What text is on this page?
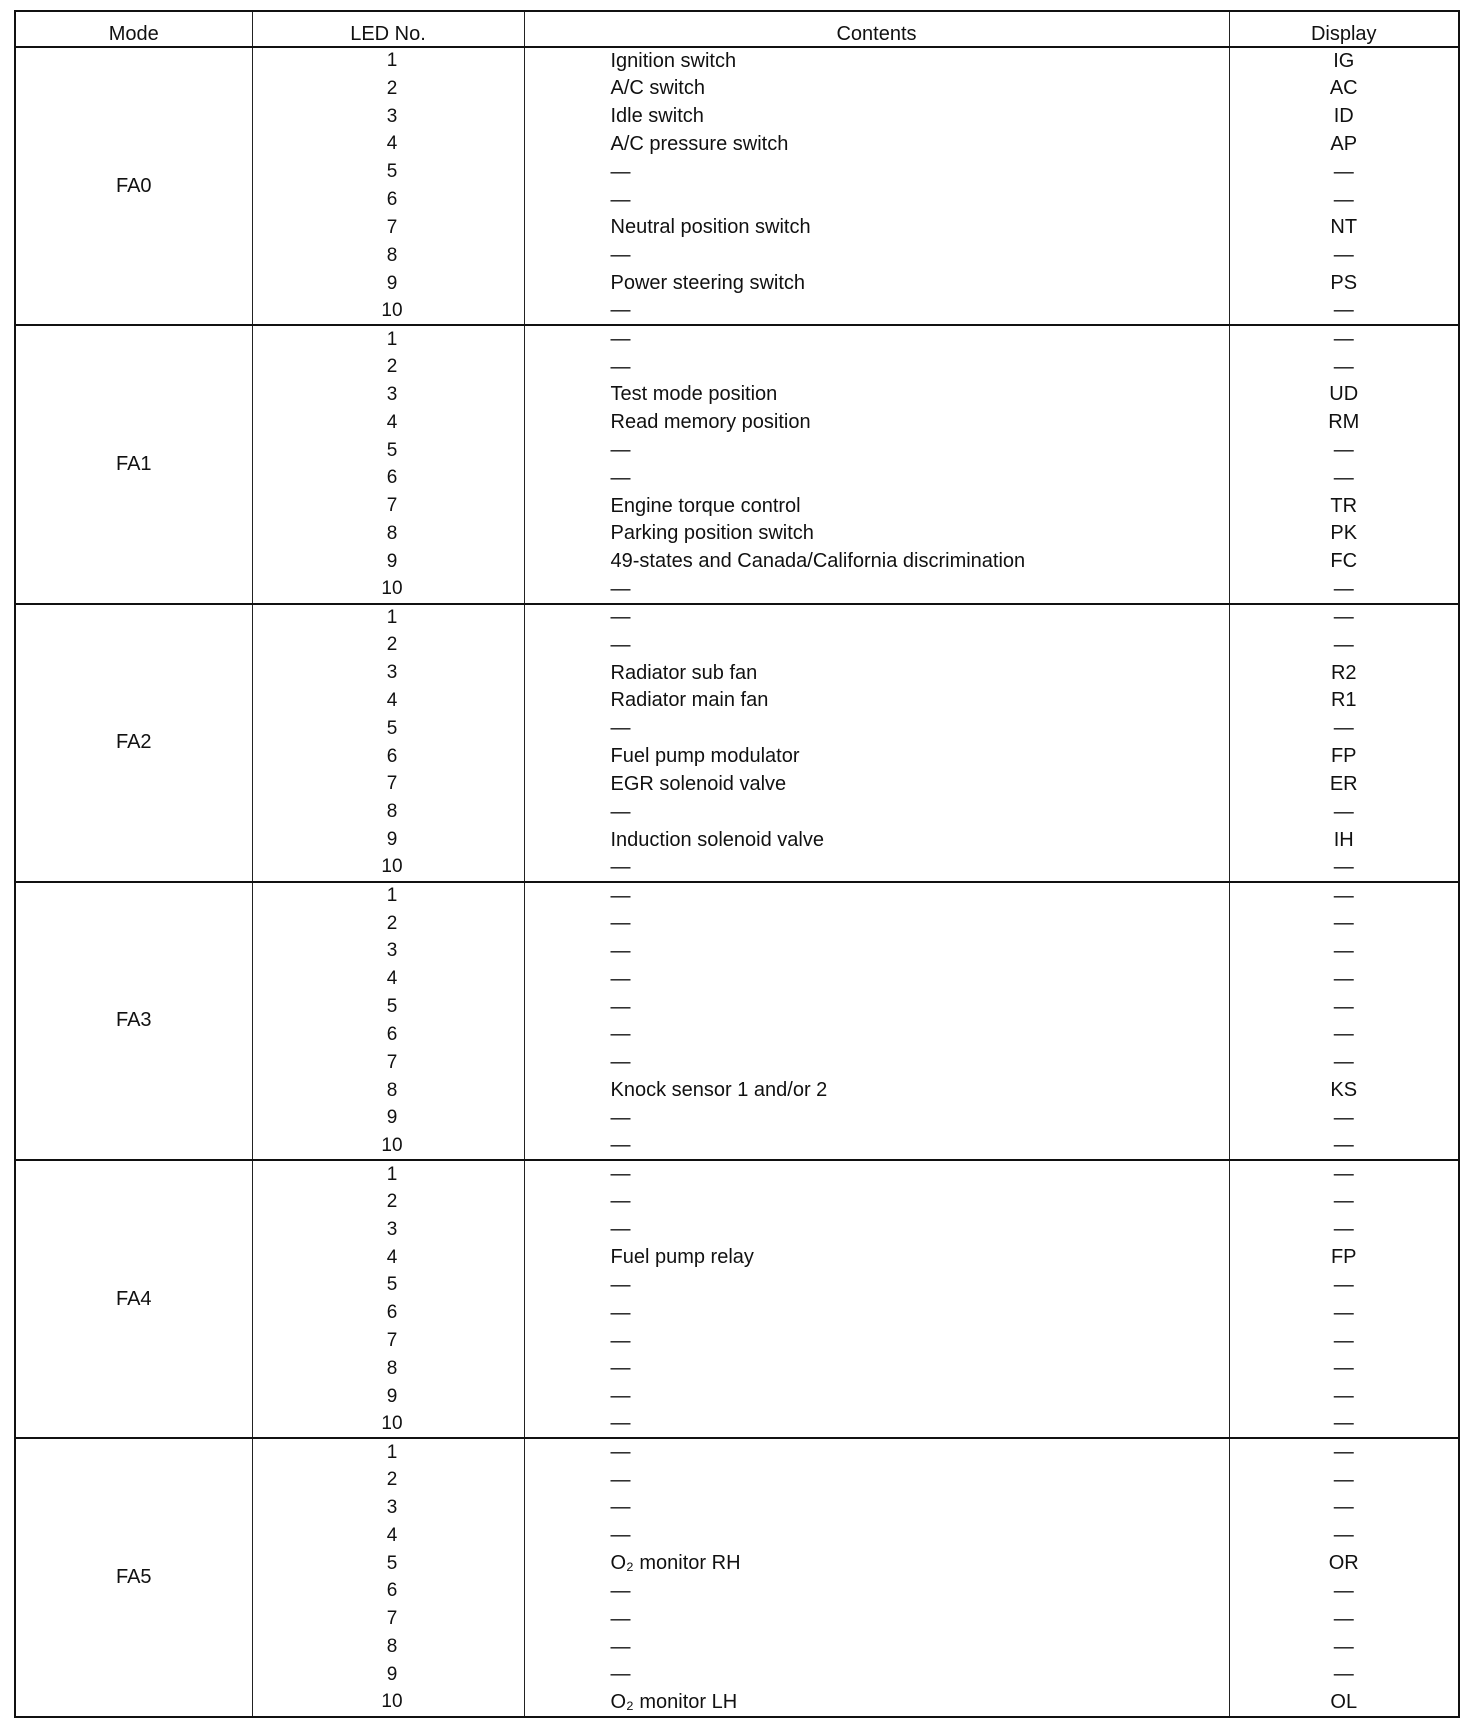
Mode	LED No.	Contents	Display
FA0	1	Ignition switch	IG
	2	A/C switch	AC
	3	Idle switch	ID
	4	A/C pressure switch	AP
	5	—	—
	6	—	—
	7	Neutral position switch	NT
	8	—	—
	9	Power steering switch	PS
	10	—	—
FA1	1	—	—
	2	—	—
	3	Test mode position	UD
	4	Read memory position	RM
	5	—	—
	6	—	—
	7	Engine torque control	TR
	8	Parking position switch	PK
	9	49-states and Canada/California discrimination	FC
	10	—	—
FA2	1	—	—
	2	—	—
	3	Radiator sub fan	R2
	4	Radiator main fan	R1
	5	—	—
	6	Fuel pump modulator	FP
	7	EGR solenoid valve	ER
	8	—	—
	9	Induction solenoid valve	IH
	10	—	—
FA3	1	—	—
	2	—	—
	3	—	—
	4	—	—
	5	—	—
	6	—	—
	7	—	—
	8	Knock sensor 1 and/or 2	KS
	9	—	—
	10	—	—
FA4	1	—	—
	2	—	—
	3	—	—
	4	Fuel pump relay	FP
	5	—	—
	6	—	—
	7	—	—
	8	—	—
	9	—	—
	10	—	—
FA5	1	—	—
	2	—	—
	3	—	—
	4	—	—
	5	O₂ monitor RH	OR
	6	—	—
	7	—	—
	8	—	—
	9	—	—
	10	O₂ monitor LH	OL
